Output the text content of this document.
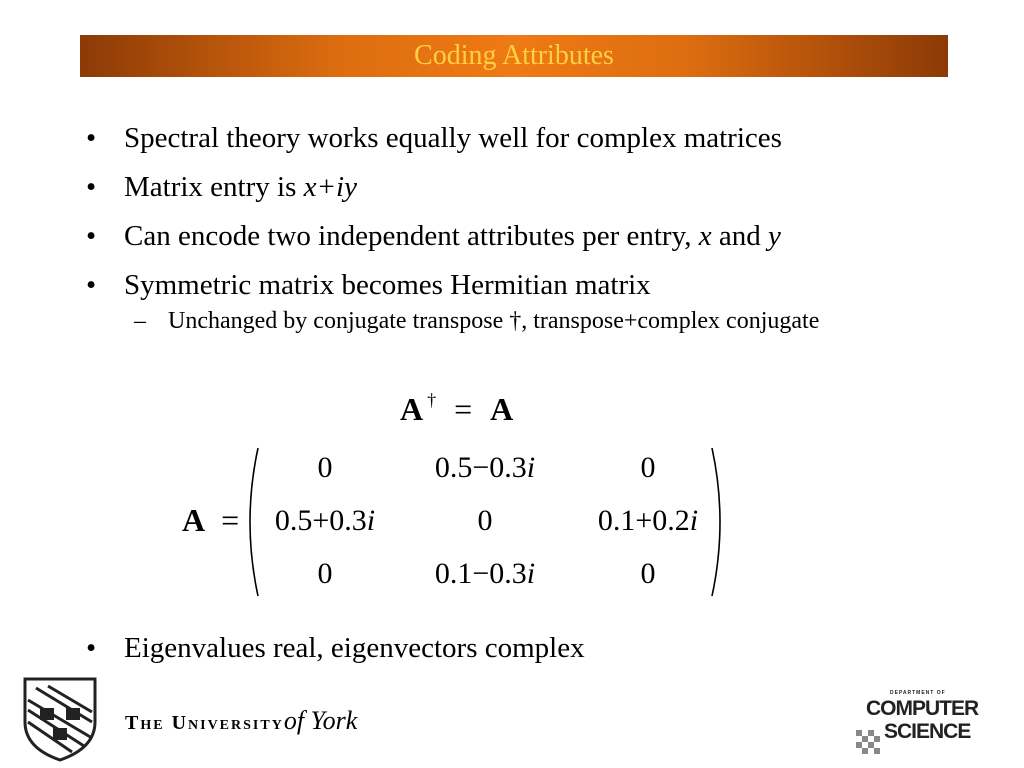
Coding Attributes
• Spectral theory works equally well for complex matrices
• Matrix entry is x+iy
• Can encode two independent attributes per entry, x and y
• Symmetric matrix becomes Hermitian matrix
– Unchanged by conjugate transpose †, transpose+complex conjugate
A † = A
A =
0	0.5−0.3i	0
0.5+0.3i	0	0.1+0.2i
0	0.1−0.3i	0
• Eigenvalues real, eigenvectors complex
The Universityof York
DEPARTMENT OF
COMPUTER
SCIENCE
